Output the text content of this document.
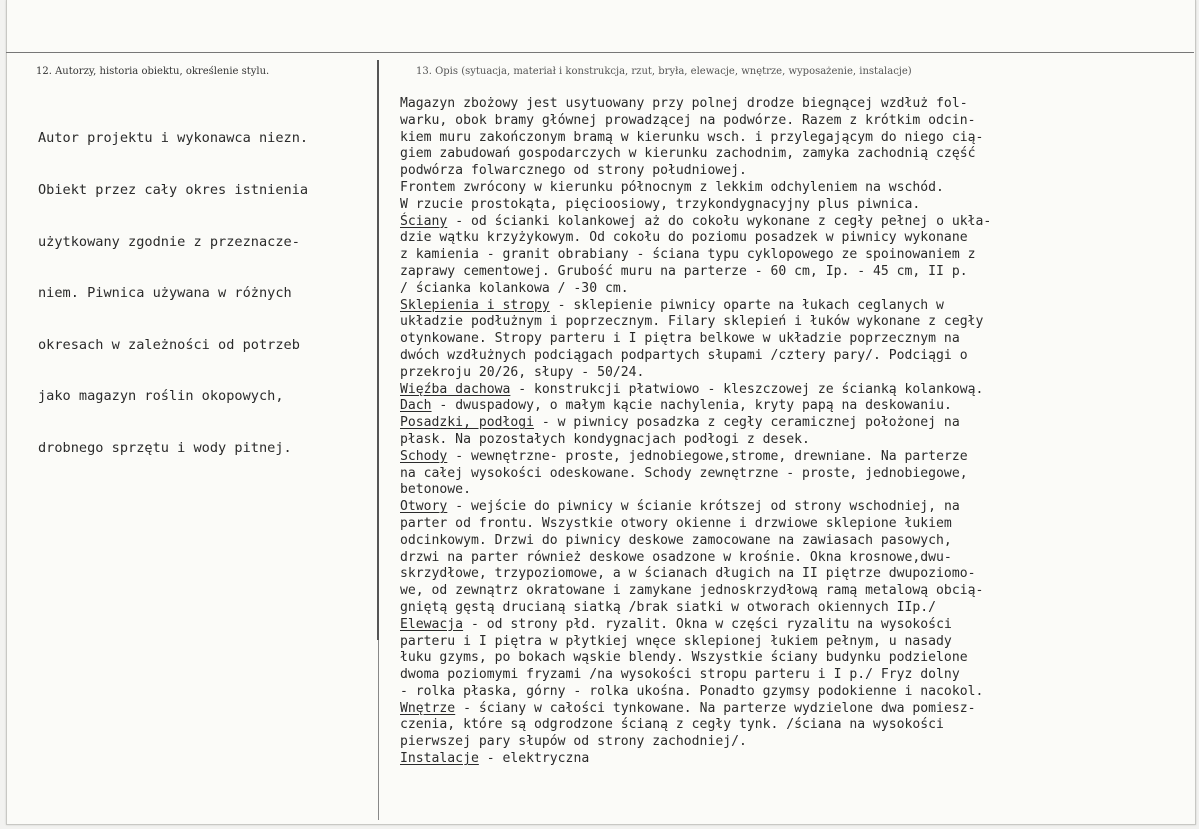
12. Autorzy, historia obiektu, określenie stylu.	13. Opis (sytuacja, materiał i konstrukcja, rzut, bryła, elewacje, wnętrze, wyposażenie, instalacje)

Autor projektu i wykonawca niezn.

Obiekt przez cały okres istnienia

użytkowany zgodnie z przeznacze-

niem. Piwnica używana w różnych

okresach w zależności od potrzeb

jako magazyn roślin okopowych,

drobnego sprzętu i wody pitnej.

Magazyn zbożowy jest usytuowany przy polnej drodze biegnącej wzdłuż fol-
warku, obok bramy głównej prowadzącej na podwórze. Razem z krótkim odcin-
kiem muru zakończonym bramą w kierunku wsch. i przylegającym do niego cią-
giem zabudowań gospodarczych w kierunku zachodnim, zamyka zachodnią część
podwórza folwarcznego od strony południowej.
Frontem zwrócony w kierunku północnym z lekkim odchyleniem na wschód.
W rzucie prostokąta, pięcioosiowy, trzykondygnacyjny plus piwnica.
Ściany - od ścianki kolankowej aż do cokołu wykonane z cegły pełnej o ukła-
dzie wątku krzyżykowym. Od cokołu do poziomu posadzek w piwnicy wykonane
z kamienia - granit obrabiany - ściana typu cyklopowego ze spoinowaniem z
zaprawy cementowej. Grubość muru na parterze - 60 cm, Ip. - 45 cm, II p.
/ ścianka kolankowa / -30 cm.
Sklepienia i stropy - sklepienie piwnicy oparte na łukach ceglanych w
układzie podłużnym i poprzecznym. Filary sklepień i łuków wykonane z cegły
otynkowane. Stropy parteru i I piętra belkowe w układzie poprzecznym na
dwóch wzdłużnych podciągach podpartych słupami /cztery pary/. Podciągi o
przekroju 20/26, słupy - 50/24.
Więźba dachowa - konstrukcji płatwiowo - kleszczowej ze ścianką kolankową.
Dach - dwuspadowy, o małym kącie nachylenia, kryty papą na deskowaniu.
Posadzki, podłogi - w piwnicy posadzka z cegły ceramicznej położonej na
płask. Na pozostałych kondygnacjach podłogi z desek.
Schody - wewnętrzne- proste, jednobiegowe,strome, drewniane. Na parterze
na całej wysokości odeskowane. Schody zewnętrzne - proste, jednobiegowe,
betonowe.
Otwory - wejście do piwnicy w ścianie krótszej od strony wschodniej, na
parter od frontu. Wszystkie otwory okienne i drzwiowe sklepione łukiem
odcinkowym. Drzwi do piwnicy deskowe zamocowane na zawiasach pasowych,
drzwi na parter również deskowe osadzone w krośnie. Okna krosnowe,dwu-
skrzydłowe, trzypoziomowe, a w ścianach długich na II piętrze dwupoziomo-
we, od zewnątrz okratowane i zamykane jednoskrzydłową ramą metalową obcią-
gniętą gęstą drucianą siatką /brak siatki w otworach okiennych IIp./
Elewacja - od strony płd. ryzalit. Okna w części ryzalitu na wysokości
parteru i I piętra w płytkiej wnęce sklepionej łukiem pełnym, u nasady
łuku gzyms, po bokach wąskie blendy. Wszystkie ściany budynku podzielone
dwoma poziomymi fryzami /na wysokości stropu parteru i I p./ Fryz dolny
- rolka płaska, górny - rolka ukośna. Ponadto gzymsy podokienne i nacokol.
Wnętrze - ściany w całości tynkowane. Na parterze wydzielone dwa pomiesz-
czenia, które są odgrodzone ścianą z cegły tynk. /ściana na wysokości
pierwszej pary słupów od strony zachodniej/.
Instalacje - elektryczna
